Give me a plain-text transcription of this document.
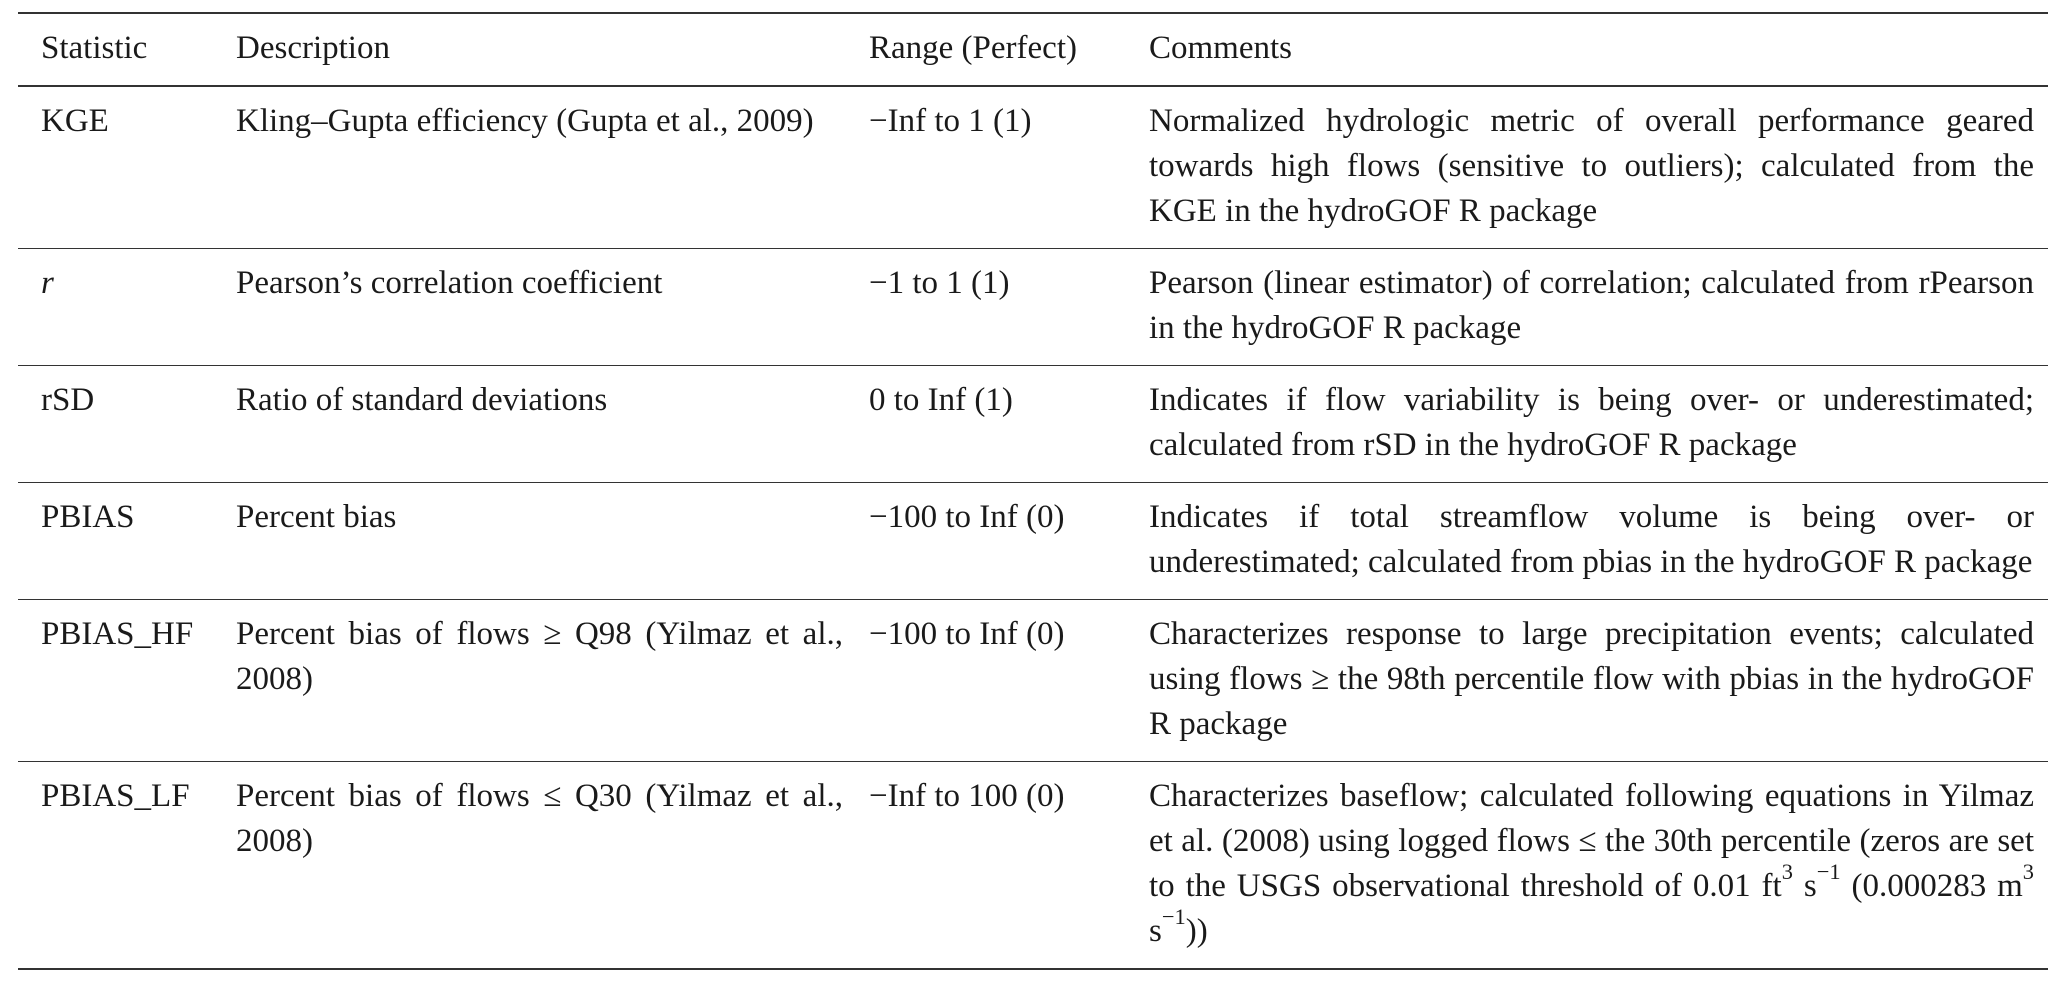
Statistic	Description	Range (Perfect)	Comments
KGE	Kling–Gupta efficiency (Gupta et al., 2009)	−Inf to 1 (1)	Normalized hydrologic metric of overall performance geared towards high flows (sensitive to outliers); calculated from the KGE in the hydroGOF R package
r	Pearson’s correlation coefficient	−1 to 1 (1)	Pearson (linear estimator) of correlation; calculated from rPearson in the hydroGOF R package
rSD	Ratio of standard deviations	0 to Inf (1)	Indicates if flow variability is being over- or underestimated; calculated from rSD in the hydroGOF R package
PBIAS	Percent bias	−100 to Inf (0)	Indicates if total streamflow volume is being over- or underestimated; calculated from pbias in the hydroGOF R package
PBIAS_HF	Percent bias of flows ≥ Q98 (Yilmaz et al., 2008)	−100 to Inf (0)	Characterizes response to large precipitation events; calculated using flows ≥ the 98th percentile flow with pbias in the hydroGOF R package
PBIAS_LF	Percent bias of flows ≤ Q30 (Yilmaz et al., 2008)	−Inf to 100 (0)	Characterizes baseflow; calculated following equations in Yilmaz et al. (2008) using logged flows ≤ the 30th percentile (zeros are set to the USGS observational threshold of 0.01 $ft^3$ $s^{-1}$ (0.000283 $m^3$ $s^{-1}$))
